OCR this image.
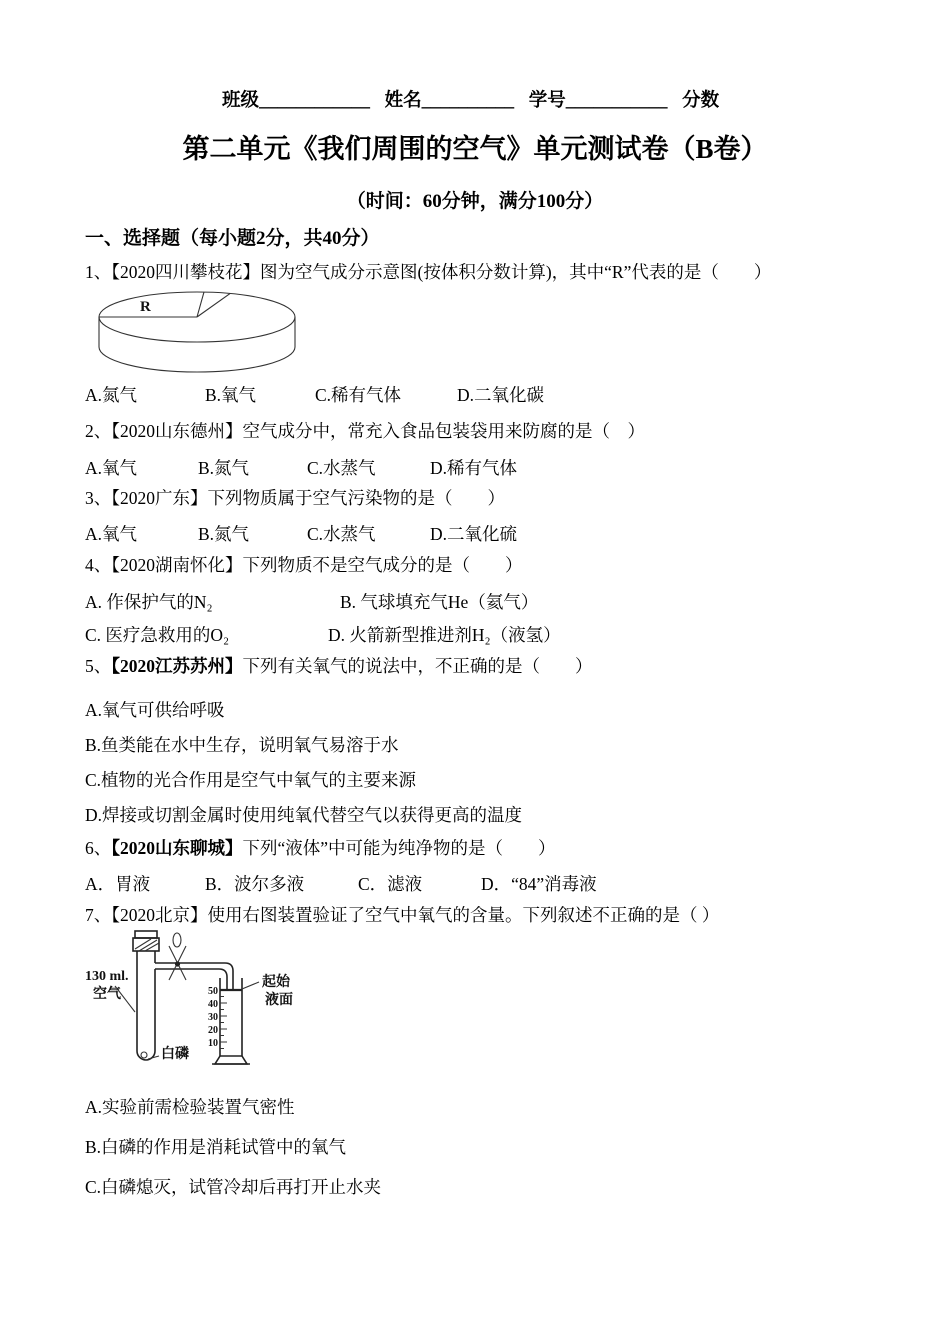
班级____________ 姓名__________ 学号___________ 分数
第二单元《我们周围的空气》单元测试卷（B卷）
（时间：60分钟，满分100分）
一、选择题（每小题2分，共40分）
1、【2020四川攀枝花】图为空气成分示意图(按体积分数计算)，其中“R”代表的是（　　）
R
A.氮气	B.氧气	C.稀有气体	D.二氧化碳
2、【2020山东德州】空气成分中，常充入食品包装袋用来防腐的是（　）
A.氧气	B.氮气	C.水蒸气	D.稀有气体
3、【2020广东】下列物质属于空气污染物的是（　　）
A.氧气	B.氮气	C.水蒸气	D.二氧化硫
4、【2020湖南怀化】下列物质不是空气成分的是（　　）
A. 作保护气的N₂	B. 气球填充气He（氦气）
C. 医疗急救用的O₂	D. 火箭新型推进剂H₂（液氢）
5、【2020江苏苏州】下列有关氧气的说法中，不正确的是（　　）
A.氧气可供给呼吸
B.鱼类能在水中生存，说明氧气易溶于水
C.植物的光合作用是空气中氧气的主要来源
D.焊接或切割金属时使用纯氧代替空气以获得更高的温度
6、【2020山东聊城】下列“液体”中可能为纯净物的是（　　）
A．胃液	B．波尔多液	C．滤液	D．“84”消毒液
7、【2020北京】使用右图装置验证了空气中氧气的含量。下列叙述不正确的是（ ）
50
40
30
20
10
130 ml.
空气
起始
液面
白磷
A.实验前需检验装置气密性
B.白磷的作用是消耗试管中的氧气
C.白磷熄灭，试管冷却后再打开止水夹
